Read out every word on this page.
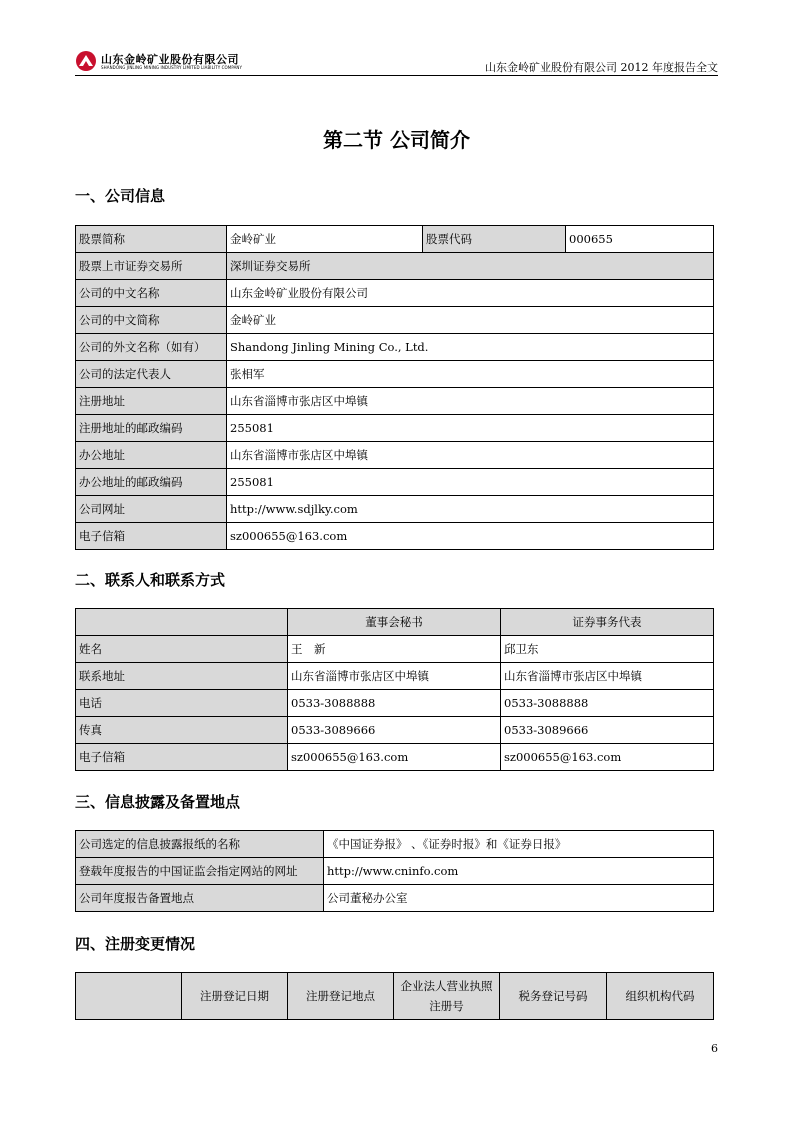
山东金岭矿业股份有限公司
SHANDONG JINLING MINING INDUSTRY LIMITED LIABILITY COMPANY	山东金岭矿业股份有限公司 2012 年度报告全文
第二节 公司简介
一、公司信息
股票简称	金岭矿业	股票代码	000655
股票上市证券交易所	深圳证券交易所		
公司的中文名称	山东金岭矿业股份有限公司		
公司的中文简称	金岭矿业		
公司的外文名称（如有）	Shandong Jinling Mining Co., Ltd.		
公司的法定代表人	张相军		
注册地址	山东省淄博市张店区中埠镇		
注册地址的邮政编码	255081		
办公地址	山东省淄博市张店区中埠镇		
办公地址的邮政编码	255081		
公司网址	http://www.sdjlky.com		
电子信箱	sz000655@163.com		
二、联系人和联系方式
	董事会秘书	证券事务代表
姓名	王　新	邱卫东
联系地址	山东省淄博市张店区中埠镇	山东省淄博市张店区中埠镇
电话	0533-3088888	0533-3088888
传真	0533-3089666	0533-3089666
电子信箱	sz000655@163.com	sz000655@163.com
三、信息披露及备置地点
公司选定的信息披露报纸的名称	《中国证券报》 、《证券时报》和《证券日报》
登载年度报告的中国证监会指定网站的网址	http://www.cninfo.com
公司年度报告备置地点	公司董秘办公室
四、注册变更情况
	注册登记日期	注册登记地点	企业法人营业执照注册号	税务登记号码	组织机构代码
6
